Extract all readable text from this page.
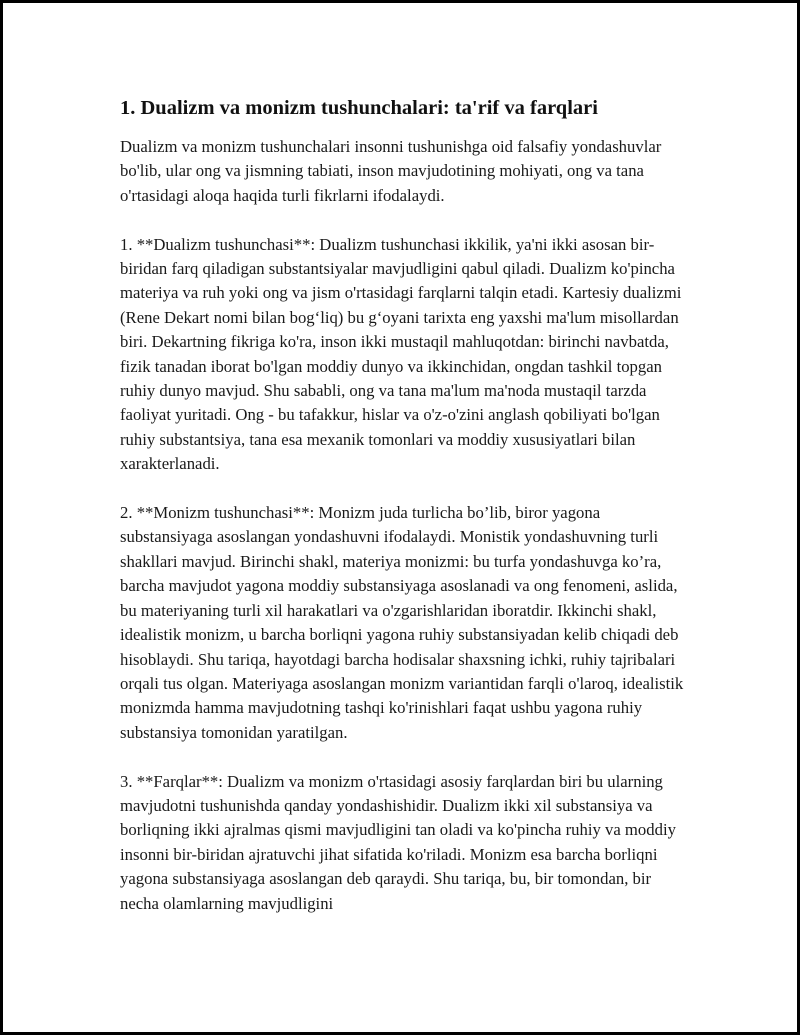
1. Dualizm va monizm tushunchalari: ta'rif va farqlari

Dualizm va monizm tushunchalari insonni tushunishga oid falsafiy yondashuvlar bo'lib, ular ong va jismning tabiati, inson mavjudotining mohiyati, ong va tana o'rtasidagi aloqa haqida turli fikrlarni ifodalaydi.

1. **Dualizm tushunchasi**: Dualizm tushunchasi ikkilik, ya'ni ikki asosan bir-biridan farq qiladigan substantsiyalar mavjudligini qabul qiladi. Dualizm ko'pincha materiya va ruh yoki ong va jism o'rtasidagi farqlarni talqin etadi. Kartesiy dualizmi (Rene Dekart nomi bilan bog‘liq) bu g‘oyani tarixta eng yaxshi ma'lum misollardan biri. Dekartning fikriga ko'ra, inson ikki mustaqil mahluqotdan: birinchi navbatda, fizik tanadan iborat bo'lgan moddiy dunyo va ikkinchidan, ongdan tashkil topgan ruhiy dunyo mavjud. Shu sababli, ong va tana ma'lum ma'noda mustaqil tarzda faoliyat yuritadi. Ong - bu tafakkur, hislar va o'z-o'zini anglash qobiliyati bo'lgan ruhiy substantsiya, tana esa mexanik tomonlari va moddiy xususiyatlari bilan xarakterlanadi.

2. **Monizm tushunchasi**: Monizm juda turlicha bo’lib, biror yagona substansiyaga asoslangan yondashuvni ifodalaydi. Monistik yondashuvning turli shakllari mavjud. Birinchi shakl, materiya monizmi: bu turfa yondashuvga ko’ra, barcha mavjudot yagona moddiy substansiyaga asoslanadi va ong fenomeni, aslida, bu materiyaning turli xil harakatlari va o'zgarishlaridan iboratdir. Ikkinchi shakl, idealistik monizm, u barcha borliqni yagona ruhiy substansiyadan kelib chiqadi deb hisoblaydi. Shu tariqa, hayotdagi barcha hodisalar shaxsning ichki, ruhiy tajribalari orqali tus olgan. Materiyaga asoslangan monizm variantidan farqli o'laroq, idealistik monizmda hamma mavjudotning tashqi ko'rinishlari faqat ushbu yagona ruhiy substansiya tomonidan yaratilgan.

3. **Farqlar**: Dualizm va monizm o'rtasidagi asosiy farqlardan biri bu ularning mavjudotni tushunishda qanday yondashishidir. Dualizm ikki xil substansiya va borliqning ikki ajralmas qismi mavjudligini tan oladi va ko'pincha ruhiy va moddiy insonni bir-biridan ajratuvchi jihat sifatida ko'riladi. Monizm esa barcha borliqni yagona substansiyaga asoslangan deb qaraydi. Shu tariqa, bu, bir tomondan, bir necha olamlarning mavjudligini
